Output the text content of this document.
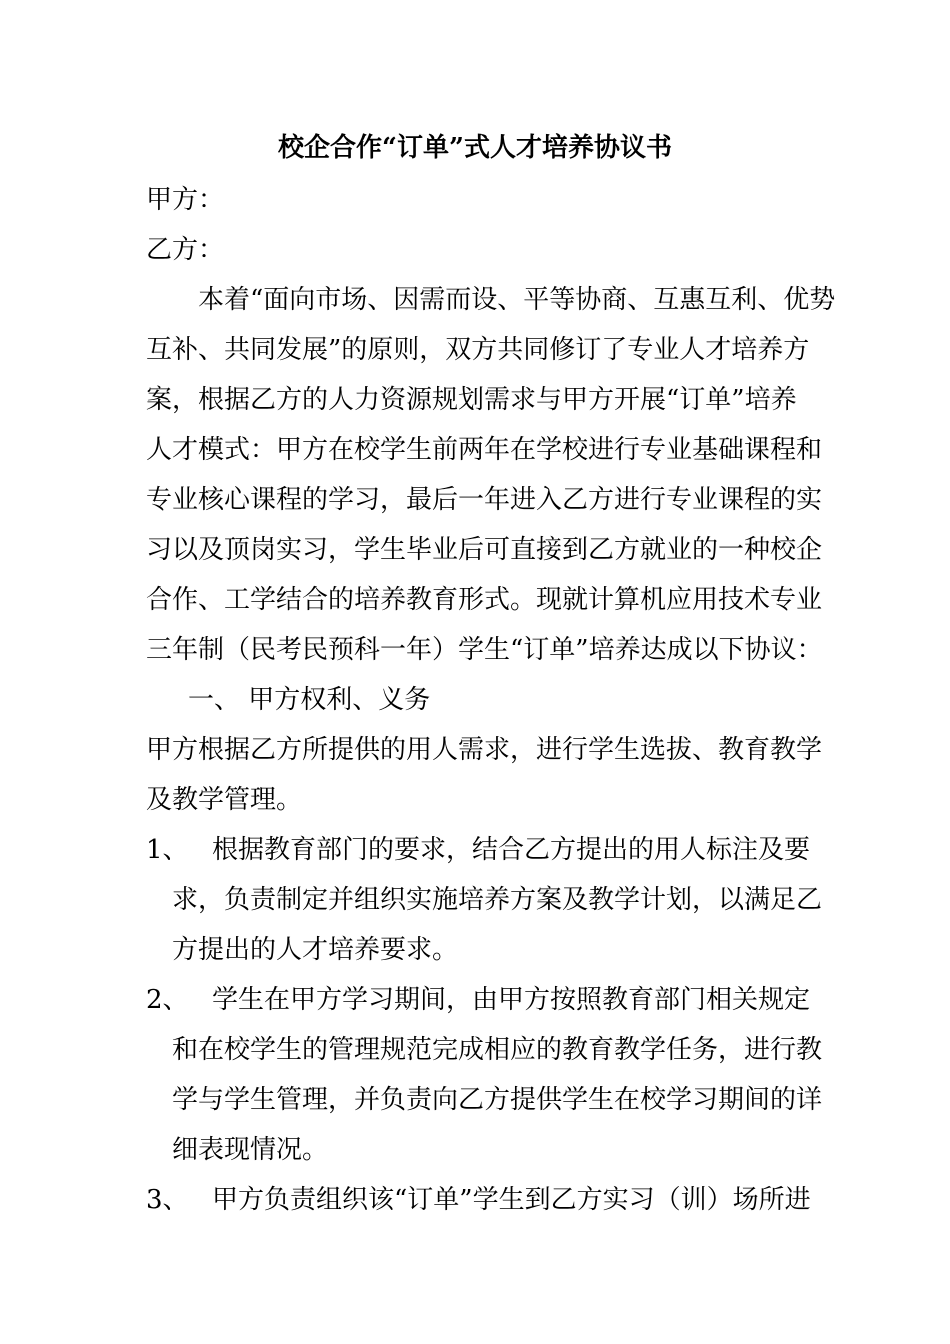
校企合作“订单”式人才培养协议书
甲方：
乙方：
本着“面向市场、因需而设、平等协商、互惠互利、优势
互补、共同发展”的原则，双方共同修订了专业人才培养方
案，根据乙方的人力资源规划需求与甲方开展“订单”培养
人才模式：甲方在校学生前两年在学校进行专业基础课程和
专业核心课程的学习，最后一年进入乙方进行专业课程的实
习以及顶岗实习，学生毕业后可直接到乙方就业的一种校企
合作、工学结合的培养教育形式。现就计算机应用技术专业
三年制（民考民预科一年）学生“订单”培养达成以下协议：
一、 甲方权利、义务
甲方根据乙方所提供的用人需求，进行学生选拔、教育教学
及教学管理。
1、 根据教育部门的要求，结合乙方提出的用人标注及要
求，负责制定并组织实施培养方案及教学计划，以满足乙
方提出的人才培养要求。
2、 学生在甲方学习期间，由甲方按照教育部门相关规定
和在校学生的管理规范完成相应的教育教学任务，进行教
学与学生管理，并负责向乙方提供学生在校学习期间的详
细表现情况。
3、 甲方负责组织该“订单”学生到乙方实习（训）场所进
